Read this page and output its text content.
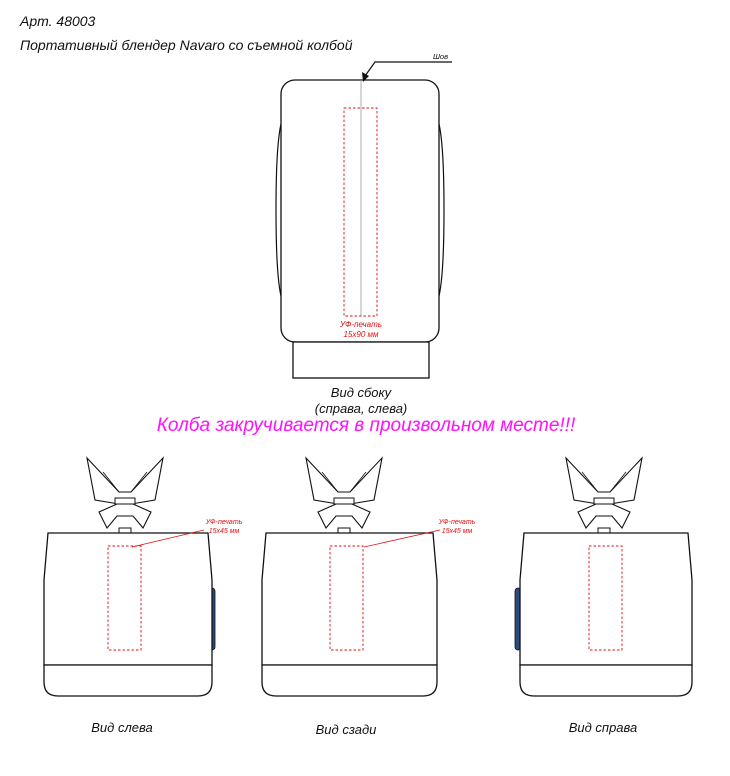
Арт. 48003
Портативный блендер Navaro со съемной колбой
Шов
УФ-печать
15х90 мм
Вид сбоку
(справа, слева)
Колба закручивается в произвольном месте!!!
УФ-печать
15х45 мм
Вид слева
УФ-печать
15х45 мм
Вид сзади	Вид справа
